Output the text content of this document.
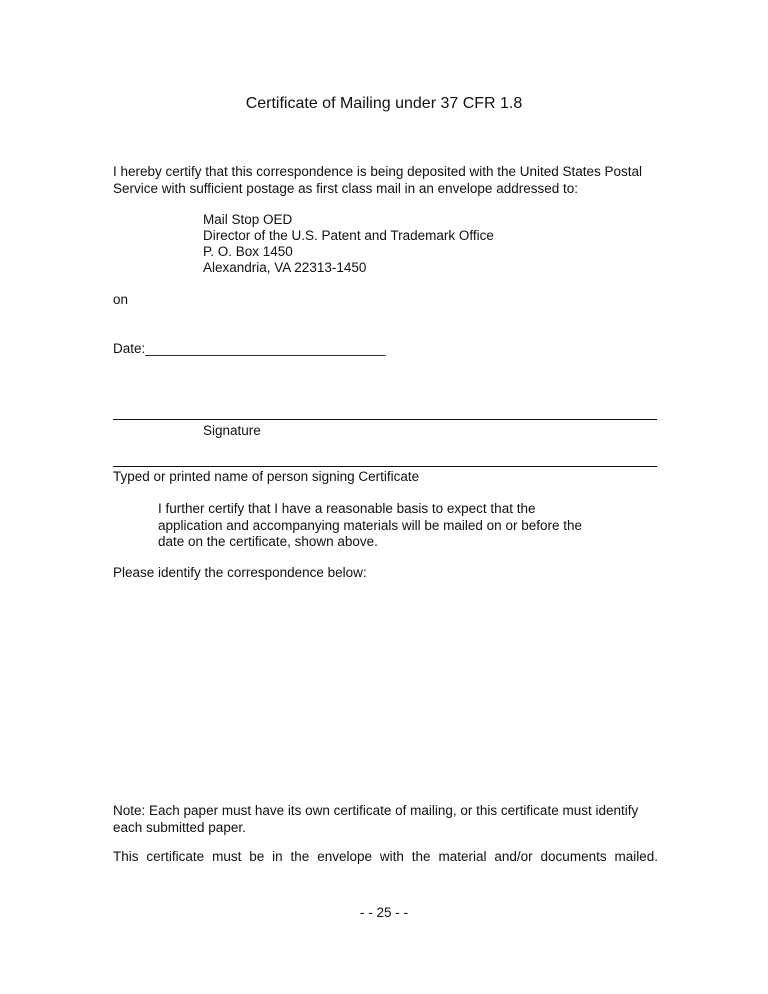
Certificate of Mailing under 37 CFR 1.8

I hereby certify that this correspondence is being deposited with the United States Postal
Service with sufficient postage as first class mail in an envelope addressed to:
Mail Stop OED
Director of the U.S. Patent and Trademark Office
P. O. Box 1450
Alexandria, VA 22313-1450
on
Date:________________________________
Signature
Typed or printed name of person signing Certificate
I further certify that I have a reasonable basis to expect that the
application and accompanying materials will be mailed on or before the
date on the certificate, shown above.
Please identify the correspondence below:
Note: Each paper must have its own certificate of mailing, or this certificate must identify
each submitted paper.
This certificate must be in the envelope with the material and/or documents mailed.
- - 25 - -
